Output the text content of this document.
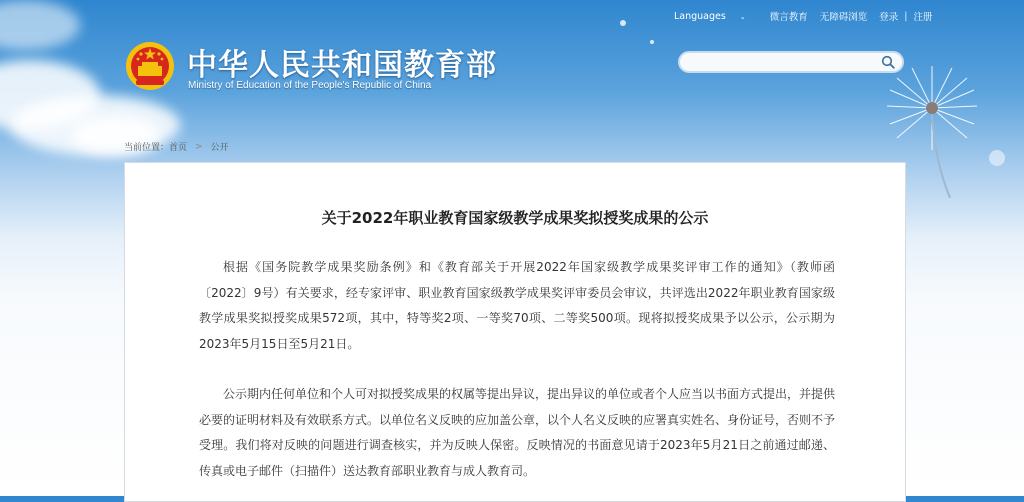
Languages ⌄	微言教育 无障碍浏览 登录 | 注册
中华人民共和国教育部
Ministry of Education of the People's Republic of China
当前位置： 首页 > 公开
关于2022年职业教育国家级教学成果奖拟授奖成果的公示

根据《国务院教学成果奖励条例》和《教育部关于开展2022年国家级教学成果奖评审工作的通知》（教师函〔2022〕9号）有关要求，经专家评审、职业教育国家级教学成果奖评审委员会审议，共评选出2022年职业教育国家级教学成果奖拟授奖成果572项，其中，特等奖2项、一等奖70项、二等奖500项。现将拟授奖成果予以公示，公示期为2023年5月15日至5月21日。

公示期内任何单位和个人可对拟授奖成果的权属等提出异议，提出异议的单位或者个人应当以书面方式提出，并提供必要的证明材料及有效联系方式。以单位名义反映的应加盖公章，以个人名义反映的应署真实姓名、身份证号，否则不予受理。我们将对反映的问题进行调查核实，并为反映人保密。反映情况的书面意见请于2023年5月21日之前通过邮递、传真或电子邮件（扫描件）送达教育部职业教育与成人教育司。
